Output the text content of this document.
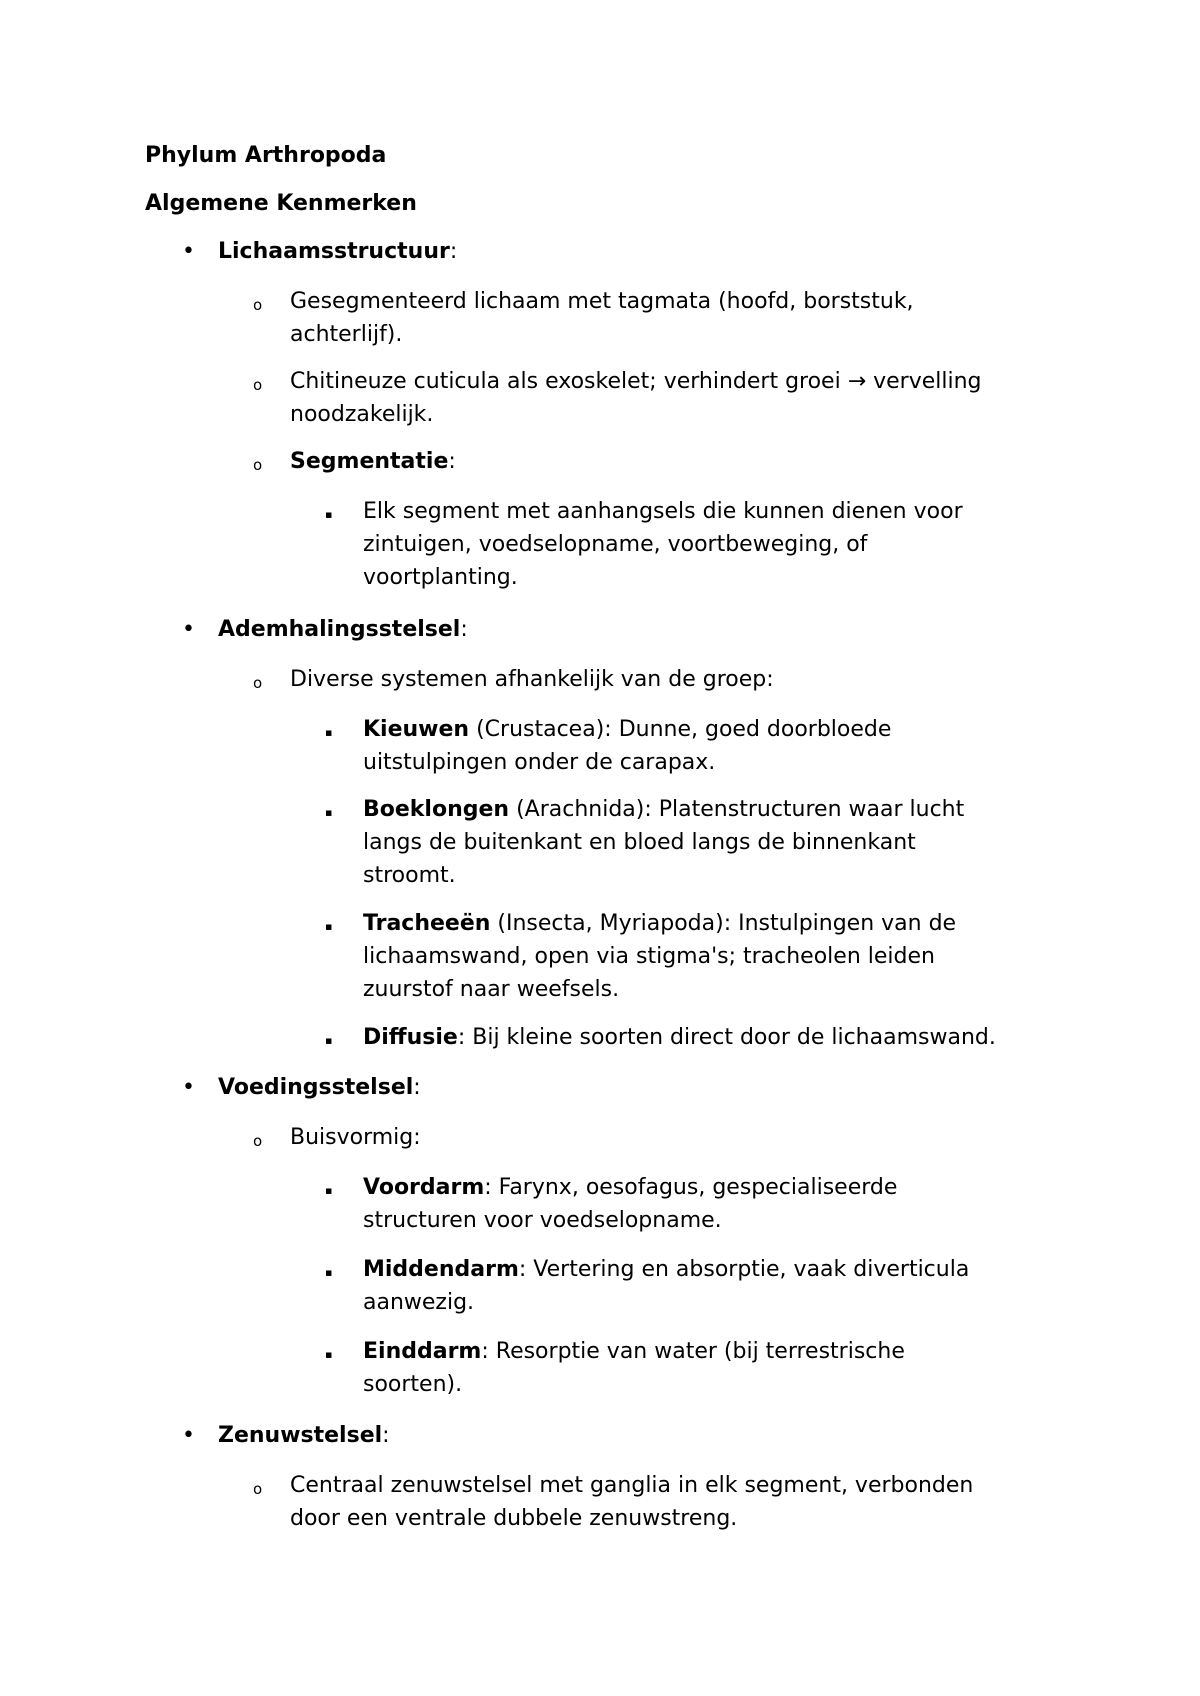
Phylum Arthropoda
Algemene Kenmerken
• Lichaamsstructuur:
o Gesegmenteerd lichaam met tagmata (hoofd, borststuk,
achterlijf).
o Chitineuze cuticula als exoskelet; verhindert groei → vervelling
noodzakelijk.
o Segmentatie:
▪ Elk segment met aanhangsels die kunnen dienen voor
zintuigen, voedselopname, voortbeweging, of
voortplanting.
• Ademhalingsstelsel:
o Diverse systemen afhankelijk van de groep:
▪ Kieuwen (Crustacea): Dunne, goed doorbloede
uitstulpingen onder de carapax.
▪ Boeklongen (Arachnida): Platenstructuren waar lucht
langs de buitenkant en bloed langs de binnenkant
stroomt.
▪ Tracheeën (Insecta, Myriapoda): Instulpingen van de
lichaamswand, open via stigma's; tracheolen leiden
zuurstof naar weefsels.
▪ Diffusie: Bij kleine soorten direct door de lichaamswand.
• Voedingsstelsel:
o Buisvormig:
▪ Voordarm: Farynx, oesofagus, gespecialiseerde
structuren voor voedselopname.
▪ Middendarm: Vertering en absorptie, vaak diverticula
aanwezig.
▪ Einddarm: Resorptie van water (bij terrestrische
soorten).
• Zenuwstelsel:
o Centraal zenuwstelsel met ganglia in elk segment, verbonden
door een ventrale dubbele zenuwstreng.
